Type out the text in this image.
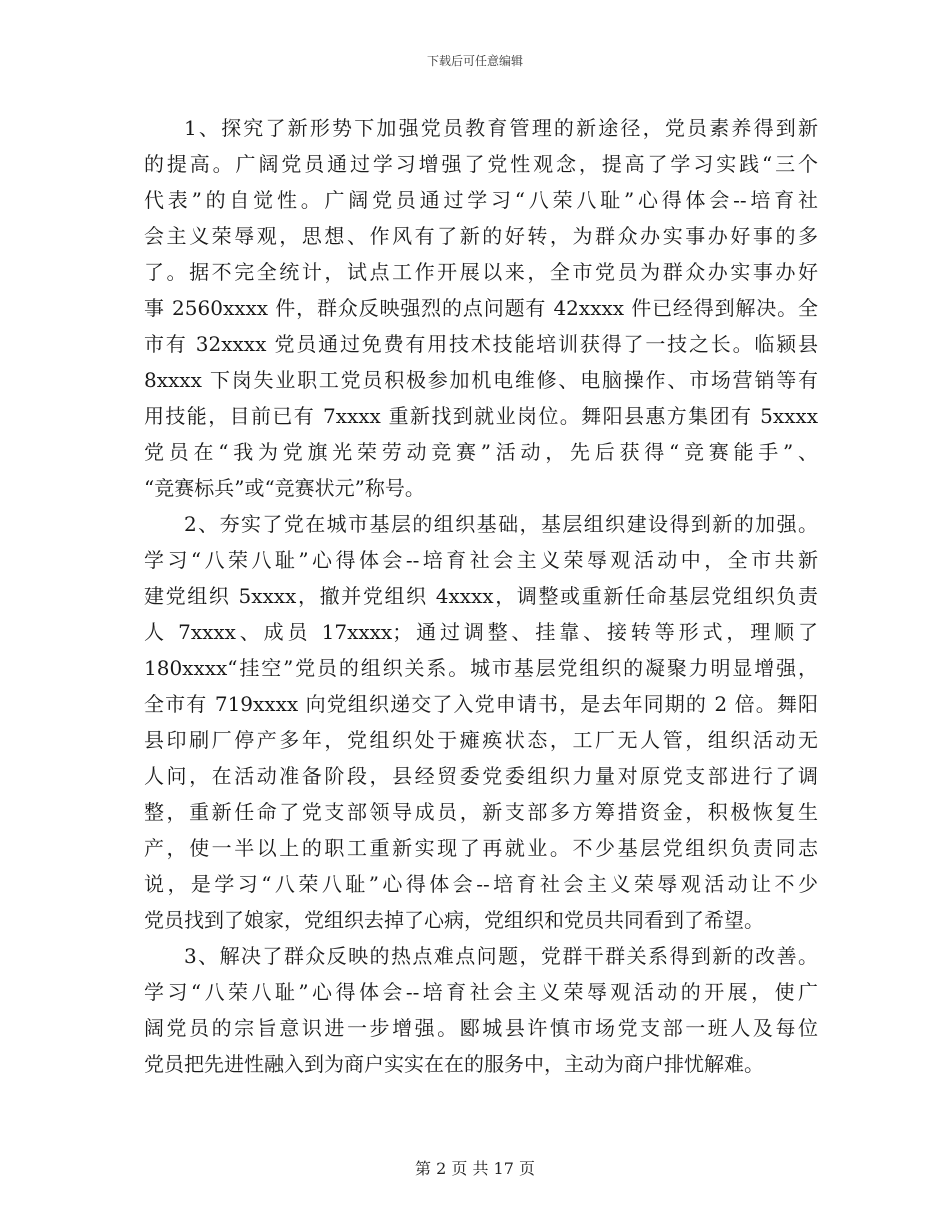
下载后可任意编辑
1、探究了新形势下加强党员教育管理的新途径，党员素养得到新
的提高。广阔党员通过学习增强了党性观念，提高了学习实践“三个
代表”的自觉性。广阔党员通过学习“八荣八耻”心得体会--培育社
会主义荣辱观，思想、作风有了新的好转，为群众办实事办好事的多
了。据不完全统计，试点工作开展以来，全市党员为群众办实事办好
事 2560xxxx 件，群众反映强烈的点问题有 42xxxx 件已经得到解决。全
市有 32xxxx 党员通过免费有用技术技能培训获得了一技之长。临颍县
8xxxx 下岗失业职工党员积极参加机电维修、电脑操作、市场营销等有
用技能，目前已有 7xxxx 重新找到就业岗位。舞阳县惠方集团有 5xxxx
党员在“我为党旗光荣劳动竞赛”活动，先后获得“竞赛能手”、
“竞赛标兵”或“竞赛状元”称号。
2、夯实了党在城市基层的组织基础，基层组织建设得到新的加强。
学习“八荣八耻”心得体会--培育社会主义荣辱观活动中，全市共新
建党组织 5xxxx，撤并党组织 4xxxx，调整或重新任命基层党组织负责
人 7xxxx、成员 17xxxx；通过调整、挂靠、接转等形式，理顺了
180xxxx“挂空”党员的组织关系。城市基层党组织的凝聚力明显增强，
全市有 719xxxx 向党组织递交了入党申请书，是去年同期的 2 倍。舞阳
县印刷厂停产多年，党组织处于瘫痪状态，工厂无人管，组织活动无
人问，在活动准备阶段，县经贸委党委组织力量对原党支部进行了调
整，重新任命了党支部领导成员，新支部多方筹措资金，积极恢复生
产，使一半以上的职工重新实现了再就业。不少基层党组织负责同志
说，是学习“八荣八耻”心得体会--培育社会主义荣辱观活动让不少
党员找到了娘家，党组织去掉了心病，党组织和党员共同看到了希望。
3、解决了群众反映的热点难点问题，党群干群关系得到新的改善。
学习“八荣八耻”心得体会--培育社会主义荣辱观活动的开展，使广
阔党员的宗旨意识进一步增强。郾城县许慎市场党支部一班人及每位
党员把先进性融入到为商户实实在在的服务中，主动为商户排忧解难。
第 2 页 共 17 页
